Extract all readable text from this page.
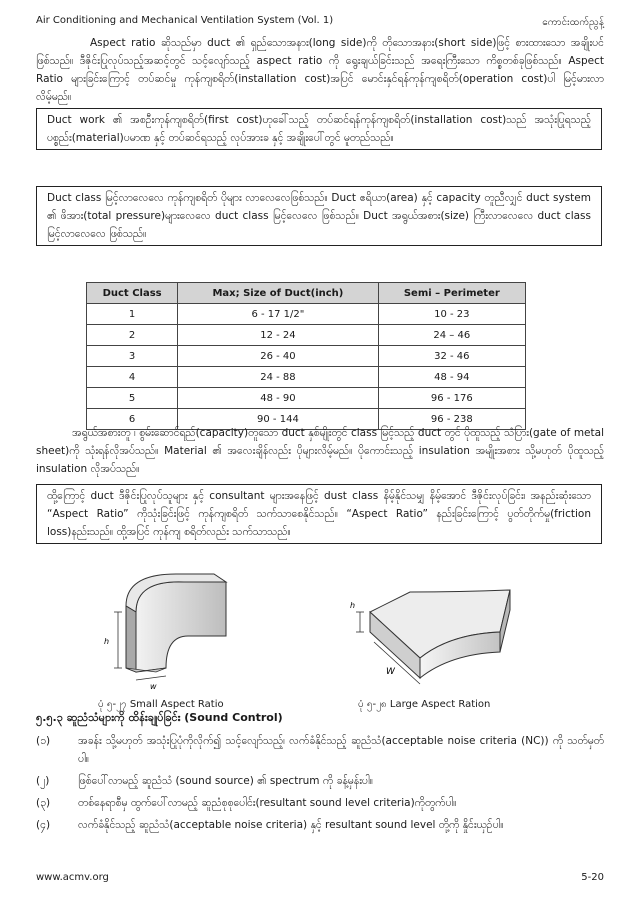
Air Conditioning and Mechanical Ventilation System (Vol. 1)	ကောင်းထက်ညွန့်

Aspect ratio ဆိုသည်မှာ duct ၏ ရှည်သောအနား(long side)ကို တိုသောအနား(short side)ဖြင့် စားထားသော အချိုးပင်ဖြစ်သည်။ ဒီဇိုင်းပြုလုပ်သည့်အဆင့်တွင် သင့်လျော်သည့် aspect ratio ကို ရွေးချယ်ခြင်းသည် အရေးကြီးသော ကိစ္စတစ်ခုဖြစ်သည်။ Aspect Ratio များခြင်းကြောင့် တပ်ဆင်မှု ကုန်ကျစရိတ်(installation cost)အပြင် မောင်းနှင်ရန်ကုန်ကျစရိတ်(operation cost)ပါ မြင့်မားလာလိမ့်မည်။

Duct work ၏ အစဦးကုန်ကျစရိတ်(first cost)ဟုခေါ်သည့် တပ်ဆင်ရန်ကုန်ကျစရိတ်(installation cost)သည် အသုံးပြုရသည့် ပစ္စည်း(material)ပမာဏ နှင့် တပ်ဆင်ရသည့် လုပ်အားခ နှင့် အချိုးပေါ်တွင် မူတည်သည်။
Duct class မြင့်လာလေလေ ကုန်ကျစရိတ် ပိုများ လာလေလေဖြစ်သည်။ Duct ဧရိယာ(area) နှင့် capacity တူညီလျှင် duct system ၏ ဖိအား(total pressure)များလေလေ duct class မြင့်လေလေ ဖြစ်သည်။ Duct အရွယ်အစား(size) ကြီးလာလေလေ duct class မြင့်လာလေလေ ဖြစ်သည်။
Duct Class	Max; Size of Duct(inch)	Semi – Perimeter
1	6 - 17 1/2"	10 - 23
2	12 - 24	24 – 46
3	26 - 40	32 - 46
4	24 - 88	48 - 94
5	48 - 90	96 - 176
6	90 - 144	96 - 238

အရွယ်အစားတူ ၊ စွမ်းဆောင်ရည်(capacity)တူသော duct နှစ်မျိုးတွင် class မြင့်သည့် duct တွင် ပိုထူသည့် သံပြား(gate of metal sheet)ကို သုံးရန်လိုအပ်သည်။ Material ၏ အလေးချိန်လည်း ပိုများလိမ့်မည်။ ပိုကောင်းသည့် insulation အမျိုးအစား သို့မဟုတ် ပိုထူသည့် insulation လိုအပ်သည်။

ထို့ကြောင့် duct ဒီဇိုင်းပြုလုပ်သူများ နှင့် consultant များအနေဖြင့် dust class နိမ့်နိုင်သမျှ နိမ့်အောင် ဒီဇိုင်းလုပ်ခြင်း၊ အနည်းဆုံးသော “Aspect Ratio” ကိုသုံးခြင်းဖြင့် ကုန်ကျစရိတ် သက်သာစေနိုင်သည်။ “Aspect Ratio” နည်းခြင်းကြောင့် ပွတ်တိုက်မှု(friction loss)နည်းသည်။ ထို့အပြင် ကုန်ကျ စရိတ်လည်း သက်သာသည်။
h
w
h
W
ပုံ ၅-၂၇ Small Aspect Ratio	ပုံ ၅-၂၈ Large Aspect Ration
၅.၅.၃ ဆူညံသံများကို ထိန်းချုပ်ခြင်း (Sound Control)
(၁)	အခန်း သို့မဟုတ် အသုံးပြုပုံကိုလိုက်၍ သင့်လျော်သည့်၊ လက်ခံနိုင်သည့် ဆူညံသံ(acceptable noise criteria (NC)) ကို သတ်မှတ်ပါ။
(၂)	ဖြစ်ပေါ်လာမည့် ဆူညံသံ (sound source) ၏ spectrum ကို ခန့်မှန်းပါ။
(၃)	တစ်နေရာစီမှ ထွက်ပေါ်လာမည့် ဆူညံစုစုပေါင်း(resultant sound level criteria)ကိုတွက်ပါ။
(၄)	လက်ခံနိုင်သည့် ဆူညံသံ(acceptable noise criteria) နှင့် resultant sound level တို့ကို နှိုင်းယှဉ်ပါ။
www.acmv.org	5-20
